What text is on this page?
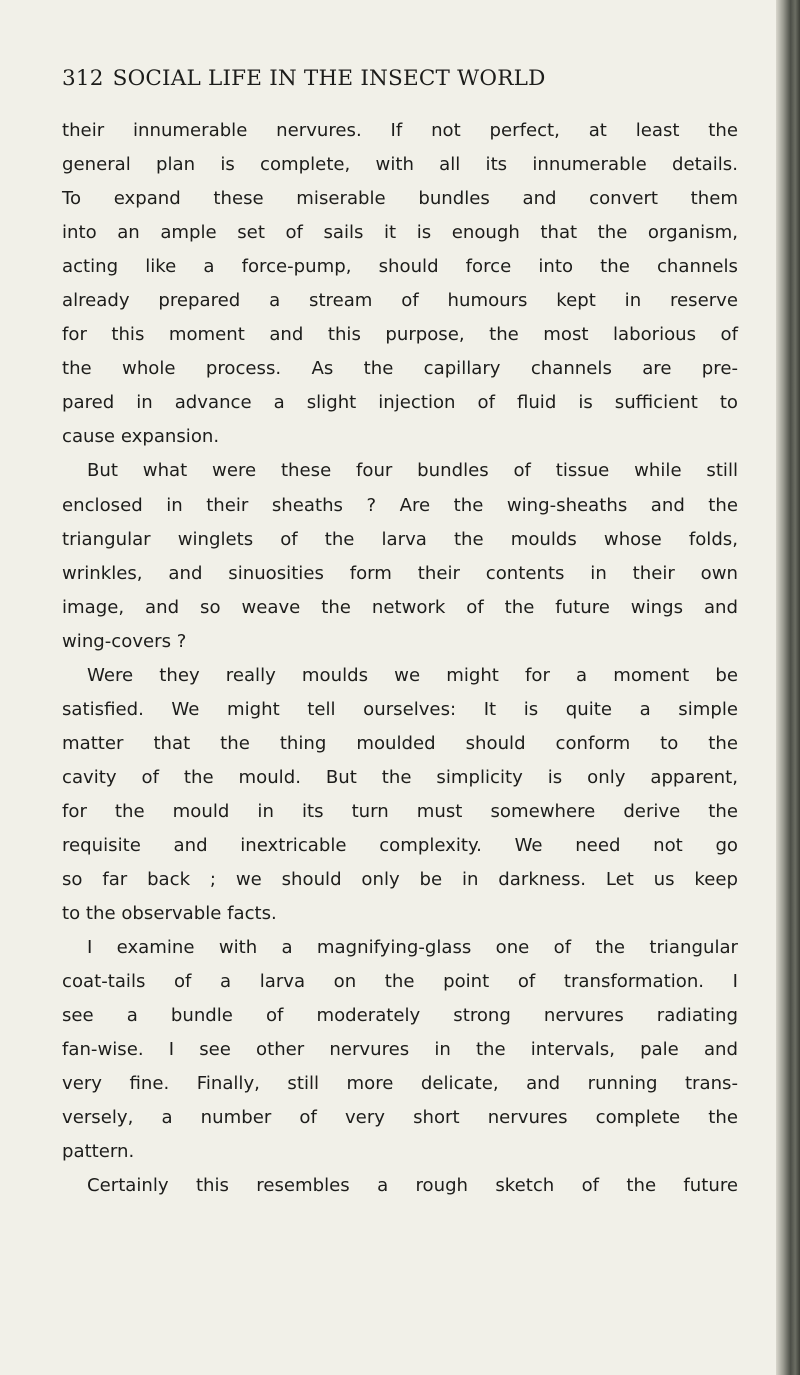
312 SOCIAL LIFE IN THE INSECT WORLD
their innumerable nervures. If not perfect, at least the
general plan is complete, with all its innumerable details.
To expand these miserable bundles and convert them
into an ample set of sails it is enough that the organism,
acting like a force-pump, should force into the channels
already prepared a stream of humours kept in reserve
for this moment and this purpose, the most laborious of
the whole process. As the capillary channels are pre-
pared in advance a slight injection of fluid is sufficient to
cause expansion.
But what were these four bundles of tissue while still
enclosed in their sheaths ? Are the wing-sheaths and the
triangular winglets of the larva the moulds whose folds,
wrinkles, and sinuosities form their contents in their own
image, and so weave the network of the future wings and
wing-covers ?
Were they really moulds we might for a moment be
satisfied. We might tell ourselves: It is quite a simple
matter that the thing moulded should conform to the
cavity of the mould. But the simplicity is only apparent,
for the mould in its turn must somewhere derive the
requisite and inextricable complexity. We need not go
so far back ; we should only be in darkness. Let us keep
to the observable facts.
I examine with a magnifying-glass one of the triangular
coat-tails of a larva on the point of transformation. I
see a bundle of moderately strong nervures radiating
fan-wise. I see other nervures in the intervals, pale and
very fine. Finally, still more delicate, and running trans-
versely, a number of very short nervures complete the
pattern.
Certainly this resembles a rough sketch of the future
